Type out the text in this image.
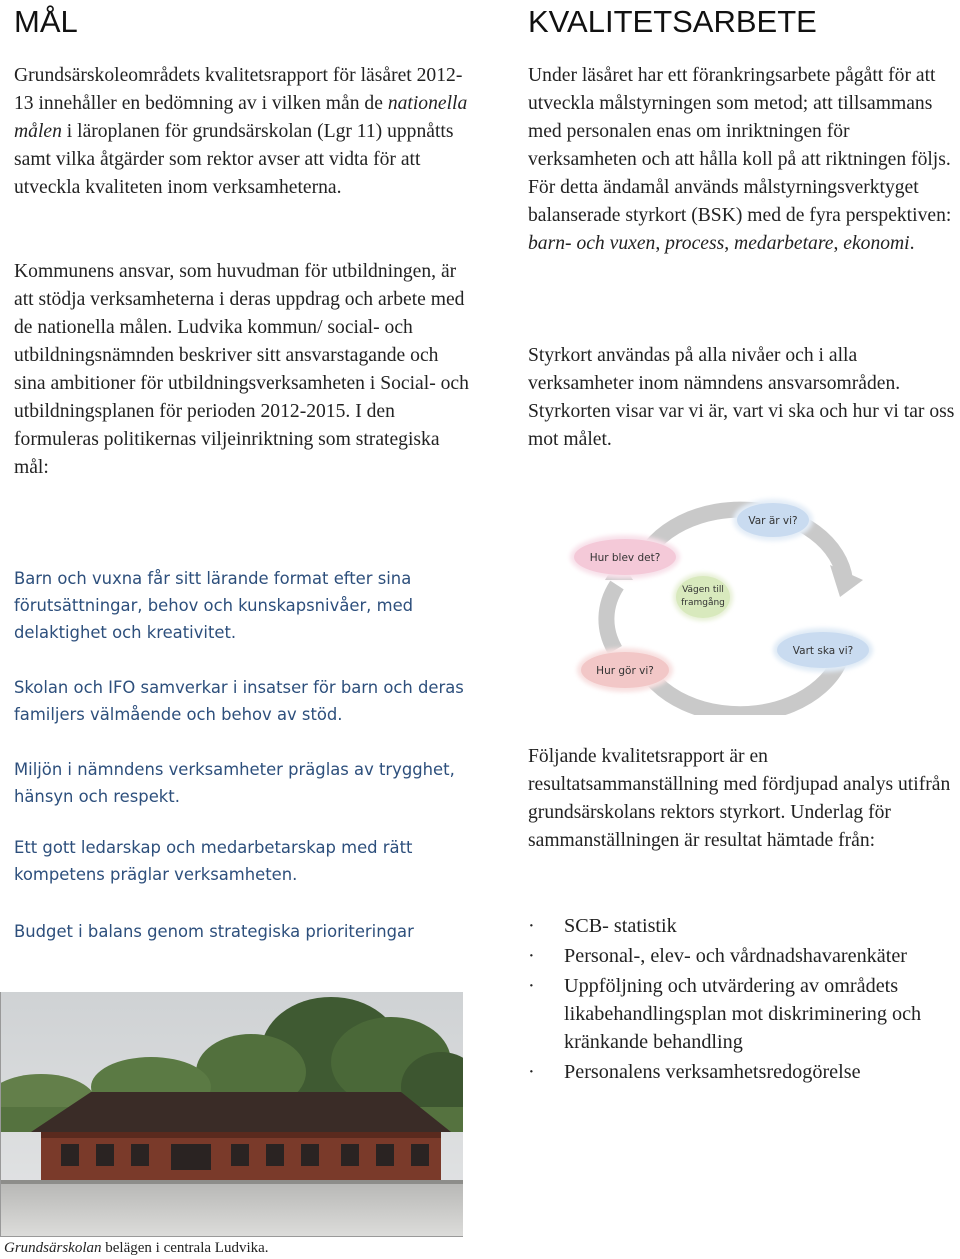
MÅL

Grundsärskoleområdets kvalitetsrapport för läsåret 2012- 13 innehåller en bedömning av i vilken mån de nationella målen i läroplanen för grundsärskolan (Lgr 11) uppnåtts samt vilka åtgärder som rektor avser att vidta för att utveckla kvaliteten inom verksamheterna.

Kommunens ansvar, som huvudman för utbildningen, är att stödja verksamheterna i deras uppdrag och arbete med de nationella målen. Ludvika kommun/ social- och utbildningsnämnden beskriver sitt ansvarstagande och sina ambitioner för utbildningsverksamheten i Social- och utbildningsplanen för perioden 2012-2015. I den formuleras politikernas viljeinriktning som strategiska mål:

Barn och vuxna får sitt lärande format efter sina förutsättningar, behov och kunskapsnivåer, med delaktighet och kreativitet.

Skolan och IFO samverkar i insatser för barn och deras familjers välmående och behov av stöd.

Miljön i nämndens verksamheter präglas av trygghet, hänsyn och respekt.

Ett gott ledarskap och medarbetarskap med rätt kompetens präglar verksamheten.

Budget i balans genom strategiska prioriteringar

Grundsärskolan belägen i centrala Ludvika.
KVALITETSARBETE

Under läsåret har ett förankringsarbete pågått för att utveckla målstyrningen som metod; att tillsammans med personalen enas om inriktningen för verksamheten och att hålla koll på att riktningen följs. För detta ändamål används målstyrningsverktyget balanserade styrkort (BSK) med de fyra perspektiven: barn- och vuxen, process, medarbetare, ekonomi.

Styrkort användas på alla nivåer och i alla verksamheter inom nämndens ansvarsområden. Styrkorten visar var vi är, vart vi ska och hur vi tar oss mot målet.

Vägen till
framgång
Var är vi?
Hur blev det?
Vart ska vi?
Hur gör vi?

Följande kvalitetsrapport är en resultatsammanställning med fördjupad analys utifrån grundsärskolans rektors styrkort. Underlag för sammanställningen är resultat hämtade från:

· SCB- statistik
· Personal-, elev- och vårdnadshavarenkäter
· Uppföljning och utvärdering av områdets likabehandlingsplan mot diskriminering och kränkande behandling
· Personalens verksamhetsredogörelse
